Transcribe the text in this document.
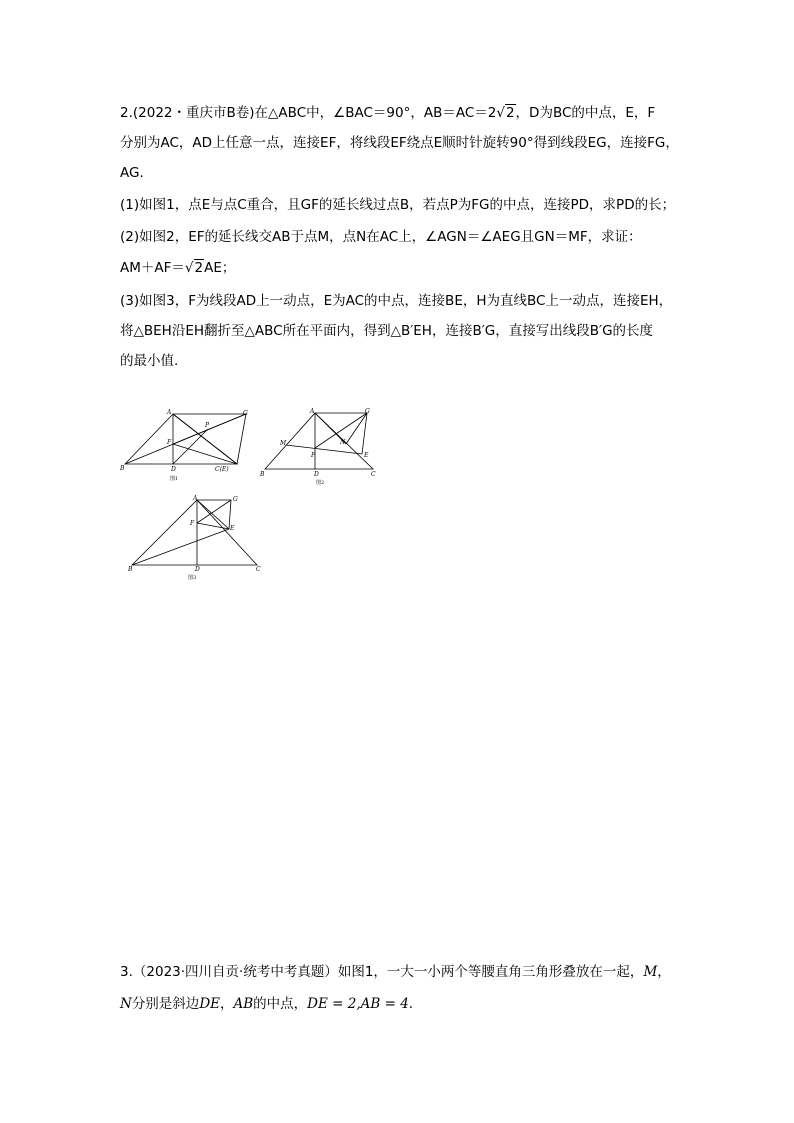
2.(2022・重庆市B卷)在△ABC中，∠BAC＝90°，AB＝AC＝2√2，D为BC的中点，E，F
分别为AC，AD上任意一点，连接EF，将线段EF绕点E顺时针旋转90°得到线段EG，连接FG，
AG.
(1)如图1，点E与点C重合，且GF的延长线过点B，若点P为FG的中点，连接PD，求PD的长；
(2)如图2，EF的延长线交AB于点M，点N在AC上，∠AGN＝∠AEG且GN＝MF，求证：
AM＋AF＝√2AE；
(3)如图3，F为线段AD上一动点，E为AC的中点，连接BE，H为直线BC上一动点，连接EH，
将△BEH沿EH翻折至△ABC所在平面内，得到△B′EH，连接B′G，直接写出线段B′G的长度
的最小值.
A	G
P
F
B	D	C(E)
图1
A	G
M	N
F	E
B	D	C
图2
A	G
F
E
B	D	C
图3
3.（2023·四川自贡·统考中考真题）如图1，一大一小两个等腰直角三角形叠放在一起，M，
N分别是斜边DE，AB的中点，DE = 2,AB = 4.
